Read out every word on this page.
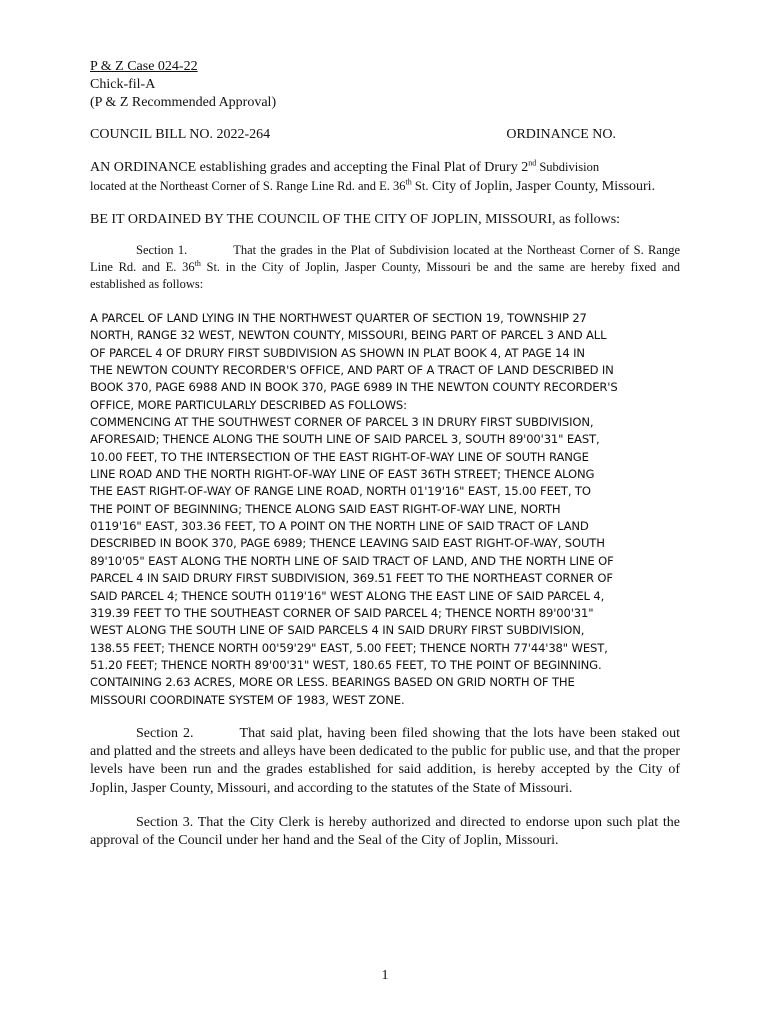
P & Z Case 024-22
Chick-fil-A
(P & Z Recommended Approval)
COUNCIL BILL NO. 2022-264	ORDINANCE NO.
AN ORDINANCE establishing grades and accepting the Final Plat of Drury 2nd Subdivision
located at the Northeast Corner of S. Range Line Rd. and E. 36th St. City of Joplin, Jasper County, Missouri.
BE IT ORDAINED BY THE COUNCIL OF THE CITY OF JOPLIN, MISSOURI, as follows:
Section 1.	That the grades in the Plat of Subdivision located at the Northeast Corner of S. Range Line Rd. and E. 36th St. in the City of Joplin, Jasper County, Missouri be and the same are hereby fixed and established as follows:
A PARCEL OF LAND LYING IN THE NORTHWEST QUARTER OF SECTION 19, TOWNSHIP 27
NORTH, RANGE 32 WEST, NEWTON COUNTY, MISSOURI, BEING PART OF PARCEL 3 AND ALL
OF PARCEL 4 OF DRURY FIRST SUBDIVISION AS SHOWN IN PLAT BOOK 4, AT PAGE 14 IN
THE NEWTON COUNTY RECORDER'S OFFICE, AND PART OF A TRACT OF LAND DESCRIBED IN
BOOK 370, PAGE 6988 AND IN BOOK 370, PAGE 6989 IN THE NEWTON COUNTY RECORDER'S
OFFICE, MORE PARTICULARLY DESCRIBED AS FOLLOWS:
COMMENCING AT THE SOUTHWEST CORNER OF PARCEL 3 IN DRURY FIRST SUBDIVISION,
AFORESAID; THENCE ALONG THE SOUTH LINE OF SAID PARCEL 3, SOUTH 89'00'31" EAST,
10.00 FEET, TO THE INTERSECTION OF THE EAST RIGHT-OF-WAY LINE OF SOUTH RANGE
LINE ROAD AND THE NORTH RIGHT-OF-WAY LINE OF EAST 36TH STREET; THENCE ALONG
THE EAST RIGHT-OF-WAY OF RANGE LINE ROAD, NORTH 01'19'16" EAST, 15.00 FEET, TO
THE POINT OF BEGINNING; THENCE ALONG SAID EAST RIGHT-OF-WAY LINE, NORTH
0119'16" EAST, 303.36 FEET, TO A POINT ON THE NORTH LINE OF SAID TRACT OF LAND
DESCRIBED IN BOOK 370, PAGE 6989; THENCE LEAVING SAID EAST RIGHT-OF-WAY, SOUTH
89'10'05" EAST ALONG THE NORTH LINE OF SAID TRACT OF LAND, AND THE NORTH LINE OF
PARCEL 4 IN SAID DRURY FIRST SUBDIVISION, 369.51 FEET TO THE NORTHEAST CORNER OF
SAID PARCEL 4; THENCE SOUTH 0119'16" WEST ALONG THE EAST LINE OF SAID PARCEL 4,
319.39 FEET TO THE SOUTHEAST CORNER OF SAID PARCEL 4; THENCE NORTH 89'00'31"
WEST ALONG THE SOUTH LINE OF SAID PARCELS 4 IN SAID DRURY FIRST SUBDIVISION,
138.55 FEET; THENCE NORTH 00'59'29" EAST, 5.00 FEET; THENCE NORTH 77'44'38" WEST,
51.20 FEET; THENCE NORTH 89'00'31" WEST, 180.65 FEET, TO THE POINT OF BEGINNING.
CONTAINING 2.63 ACRES, MORE OR LESS. BEARINGS BASED ON GRID NORTH OF THE
MISSOURI COORDINATE SYSTEM OF 1983, WEST ZONE.
Section 2.	That said plat, having been filed showing that the lots have been staked out and platted and the streets and alleys have been dedicated to the public for public use, and that the proper levels have been run and the grades established for said addition, is hereby accepted by the City of Joplin, Jasper County, Missouri, and according to the statutes of the State of Missouri.
Section 3. That the City Clerk is hereby authorized and directed to endorse upon such plat the approval of the Council under her hand and the Seal of the City of Joplin, Missouri.
1
